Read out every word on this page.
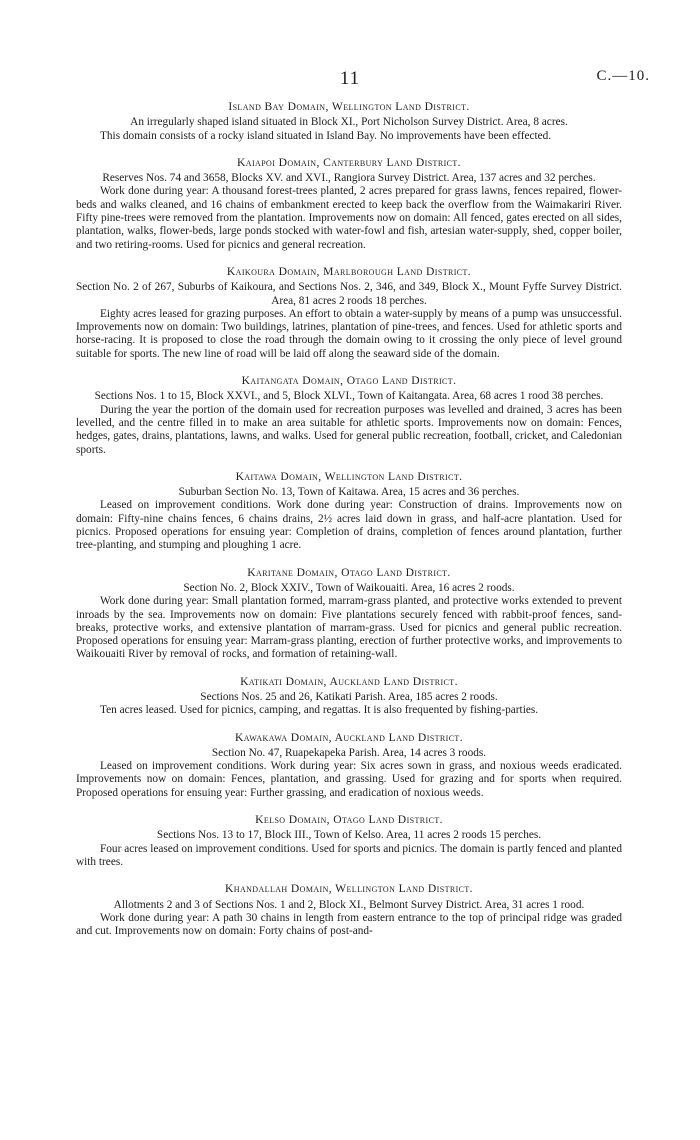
11	C.—10.
Island Bay Domain, Wellington Land District.
An irregularly shaped island situated in Block XI., Port Nicholson Survey District. Area, 8 acres.
This domain consists of a rocky island situated in Island Bay. No improvements have been effected.
Kaiapoi Domain, Canterbury Land District.
Reserves Nos. 74 and 3658, Blocks XV. and XVI., Rangiora Survey District. Area, 137 acres and 32 perches.
Work done during year: A thousand forest-trees planted, 2 acres prepared for grass lawns, fences repaired, flower-beds and walks cleaned, and 16 chains of embankment erected to keep back the overflow from the Waimakariri River. Fifty pine-trees were removed from the plantation. Improvements now on domain: All fenced, gates erected on all sides, plantation, walks, flower-beds, large ponds stocked with water-fowl and fish, artesian water-supply, shed, copper boiler, and two retiring-rooms. Used for picnics and general recreation.
Kaikoura Domain, Marlborough Land District.
Section No. 2 of 267, Suburbs of Kaikoura, and Sections Nos. 2, 346, and 349, Block X., Mount Fyffe Survey District. Area, 81 acres 2 roods 18 perches.
Eighty acres leased for grazing purposes. An effort to obtain a water-supply by means of a pump was unsuccessful. Improvements now on domain: Two buildings, latrines, plantation of pine-trees, and fences. Used for athletic sports and horse-racing. It is proposed to close the road through the domain owing to it crossing the only piece of level ground suitable for sports. The new line of road will be laid off along the seaward side of the domain.
Kaitangata Domain, Otago Land District.
Sections Nos. 1 to 15, Block XXVI., and 5, Block XLVI., Town of Kaitangata. Area, 68 acres 1 rood 38 perches.
During the year the portion of the domain used for recreation purposes was levelled and drained, 3 acres has been levelled, and the centre filled in to make an area suitable for athletic sports. Improvements now on domain: Fences, hedges, gates, drains, plantations, lawns, and walks. Used for general public recreation, football, cricket, and Caledonian sports.
Kaitawa Domain, Wellington Land District.
Suburban Section No. 13, Town of Kaitawa. Area, 15 acres and 36 perches.
Leased on improvement conditions. Work done during year: Construction of drains. Improvements now on domain: Fifty-nine chains fences, 6 chains drains, 2½ acres laid down in grass, and half-acre plantation. Used for picnics. Proposed operations for ensuing year: Completion of drains, completion of fences around plantation, further tree-planting, and stumping and ploughing 1 acre.
Karitane Domain, Otago Land District.
Section No. 2, Block XXIV., Town of Waikouaiti. Area, 16 acres 2 roods.
Work done during year: Small plantation formed, marram-grass planted, and protective works extended to prevent inroads by the sea. Improvements now on domain: Five plantations securely fenced with rabbit-proof fences, sand-breaks, protective works, and extensive plantation of marram-grass. Used for picnics and general public recreation. Proposed operations for ensuing year: Marram-grass planting, erection of further protective works, and improvements to Waikouaiti River by removal of rocks, and formation of retaining-wall.
Katikati Domain, Auckland Land District.
Sections Nos. 25 and 26, Katikati Parish. Area, 185 acres 2 roods.
Ten acres leased. Used for picnics, camping, and regattas. It is also frequented by fishing-parties.
Kawakawa Domain, Auckland Land District.
Section No. 47, Ruapekapeka Parish. Area, 14 acres 3 roods.
Leased on improvement conditions. Work during year: Six acres sown in grass, and noxious weeds eradicated. Improvements now on domain: Fences, plantation, and grassing. Used for grazing and for sports when required. Proposed operations for ensuing year: Further grassing, and eradication of noxious weeds.
Kelso Domain, Otago Land District.
Sections Nos. 13 to 17, Block III., Town of Kelso. Area, 11 acres 2 roods 15 perches.
Four acres leased on improvement conditions. Used for sports and picnics. The domain is partly fenced and planted with trees.
Khandallah Domain, Wellington Land District.
Allotments 2 and 3 of Sections Nos. 1 and 2, Block XI., Belmont Survey District. Area, 31 acres 1 rood.
Work done during year: A path 30 chains in length from eastern entrance to the top of principal ridge was graded and cut. Improvements now on domain: Forty chains of post-and-
